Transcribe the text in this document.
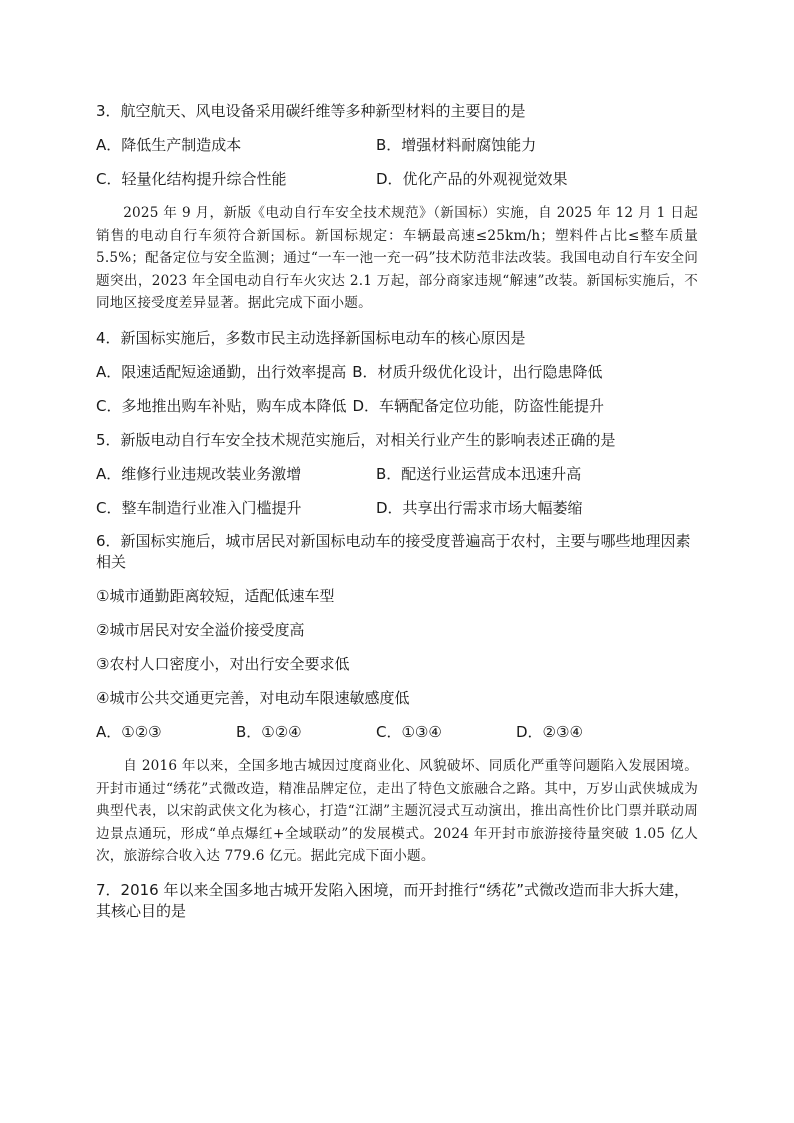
3．航空航天、风电设备采用碳纤维等多种新型材料的主要目的是

A．降低生产制造成本	B．增强材料耐腐蚀能力
C．轻量化结构提升综合性能	D．优化产品的外观视觉效果

2025 年 9 月，新版《电动自行车安全技术规范》（新国标）实施，自 2025 年 12 月 1 日起销售的电动自行车须符合新国标。新国标规定：车辆最高速≤25km/h；塑料件占比≤整车质量 5.5%；配备定位与安全监测；通过“一车一池一充一码”技术防范非法改装。我国电动自行车安全问题突出，2023 年全国电动自行车火灾达 2.1 万起，部分商家违规“解速”改装。新国标实施后，不同地区接受度差异显著。据此完成下面小题。

4．新国标实施后，多数市民主动选择新国标电动车的核心原因是

A．限速适配短途通勤，出行效率提高 B．材质升级优化设计，出行隐患降低
C．多地推出购车补贴，购车成本降低 D．车辆配备定位功能，防盗性能提升

5．新版电动自行车安全技术规范实施后，对相关行业产生的影响表述正确的是

A．维修行业违规改装业务激增	B．配送行业运营成本迅速升高
C．整车制造行业准入门槛提升	D．共享出行需求市场大幅萎缩

6．新国标实施后，城市居民对新国标电动车的接受度普遍高于农村，主要与哪些地理因素相关

①城市通勤距离较短，适配低速车型

②城市居民对安全溢价接受度高

③农村人口密度小，对出行安全要求低

④城市公共交通更完善，对电动车限速敏感度低

A．①②③	B．①②④	C．①③④	D．②③④

自 2016 年以来，全国多地古城因过度商业化、风貌破坏、同质化严重等问题陷入发展困境。开封市通过“绣花”式微改造，精准品牌定位，走出了特色文旅融合之路。其中，万岁山武侠城成为典型代表，以宋韵武侠文化为核心，打造“江湖”主题沉浸式互动演出，推出高性价比门票并联动周边景点通玩，形成“单点爆红+全域联动”的发展模式。2024 年开封市旅游接待量突破 1.05 亿人次，旅游综合收入达 779.6 亿元。据此完成下面小题。

7．2016 年以来全国多地古城开发陷入困境，而开封推行“绣花”式微改造而非大拆大建，其核心目的是
